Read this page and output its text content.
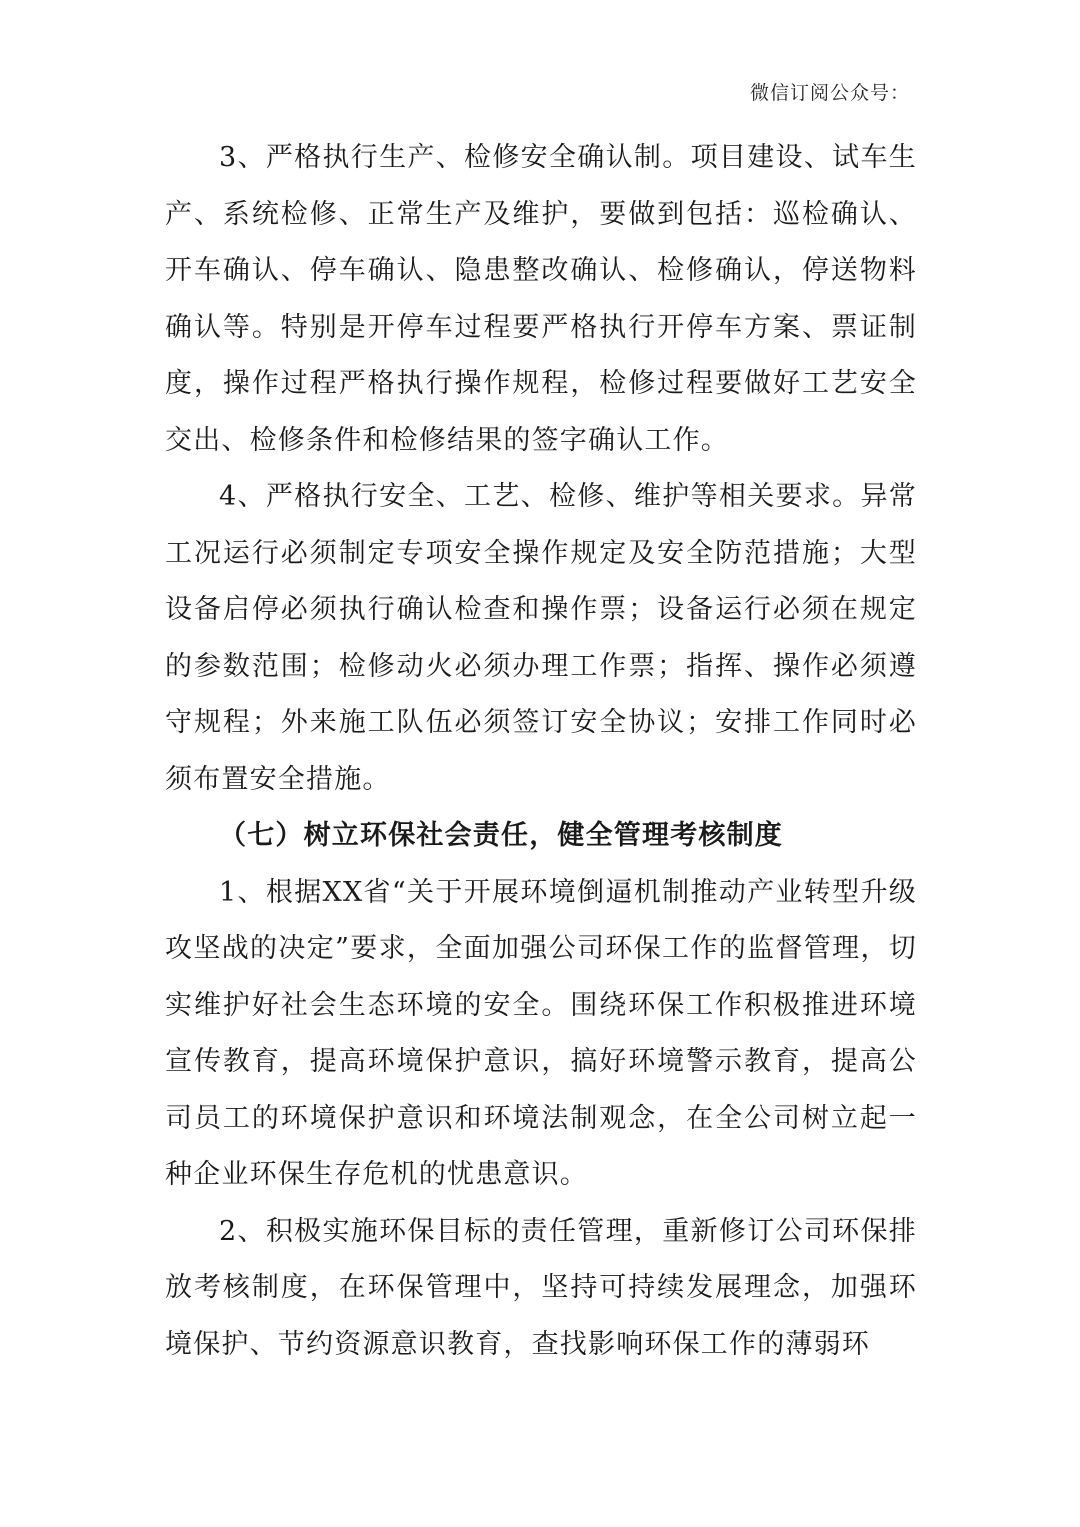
微信订阅公众号：

3、严格执行生产、检修安全确认制。项目建设、试车生产、系统检修、正常生产及维护，要做到包括：巡检确认、开车确认、停车确认、隐患整改确认、检修确认，停送物料确认等。特别是开停车过程要严格执行开停车方案、票证制度，操作过程严格执行操作规程，检修过程要做好工艺安全交出、检修条件和检修结果的签字确认工作。

4、严格执行安全、工艺、检修、维护等相关要求。异常工况运行必须制定专项安全操作规定及安全防范措施；大型设备启停必须执行确认检查和操作票；设备运行必须在规定的参数范围；检修动火必须办理工作票；指挥、操作必须遵守规程；外来施工队伍必须签订安全协议；安排工作同时必须布置安全措施。

（七）树立环保社会责任，健全管理考核制度

1、根据XX省“关于开展环境倒逼机制推动产业转型升级攻坚战的决定”要求，全面加强公司环保工作的监督管理，切实维护好社会生态环境的安全。围绕环保工作积极推进环境宣传教育，提高环境保护意识，搞好环境警示教育，提高公司员工的环境保护意识和环境法制观念，在全公司树立起一种企业环保生存危机的忧患意识。

2、积极实施环保目标的责任管理，重新修订公司环保排放考核制度，在环保管理中，坚持可持续发展理念，加强环境保护、节约资源意识教育，查找影响环保工作的薄弱环
